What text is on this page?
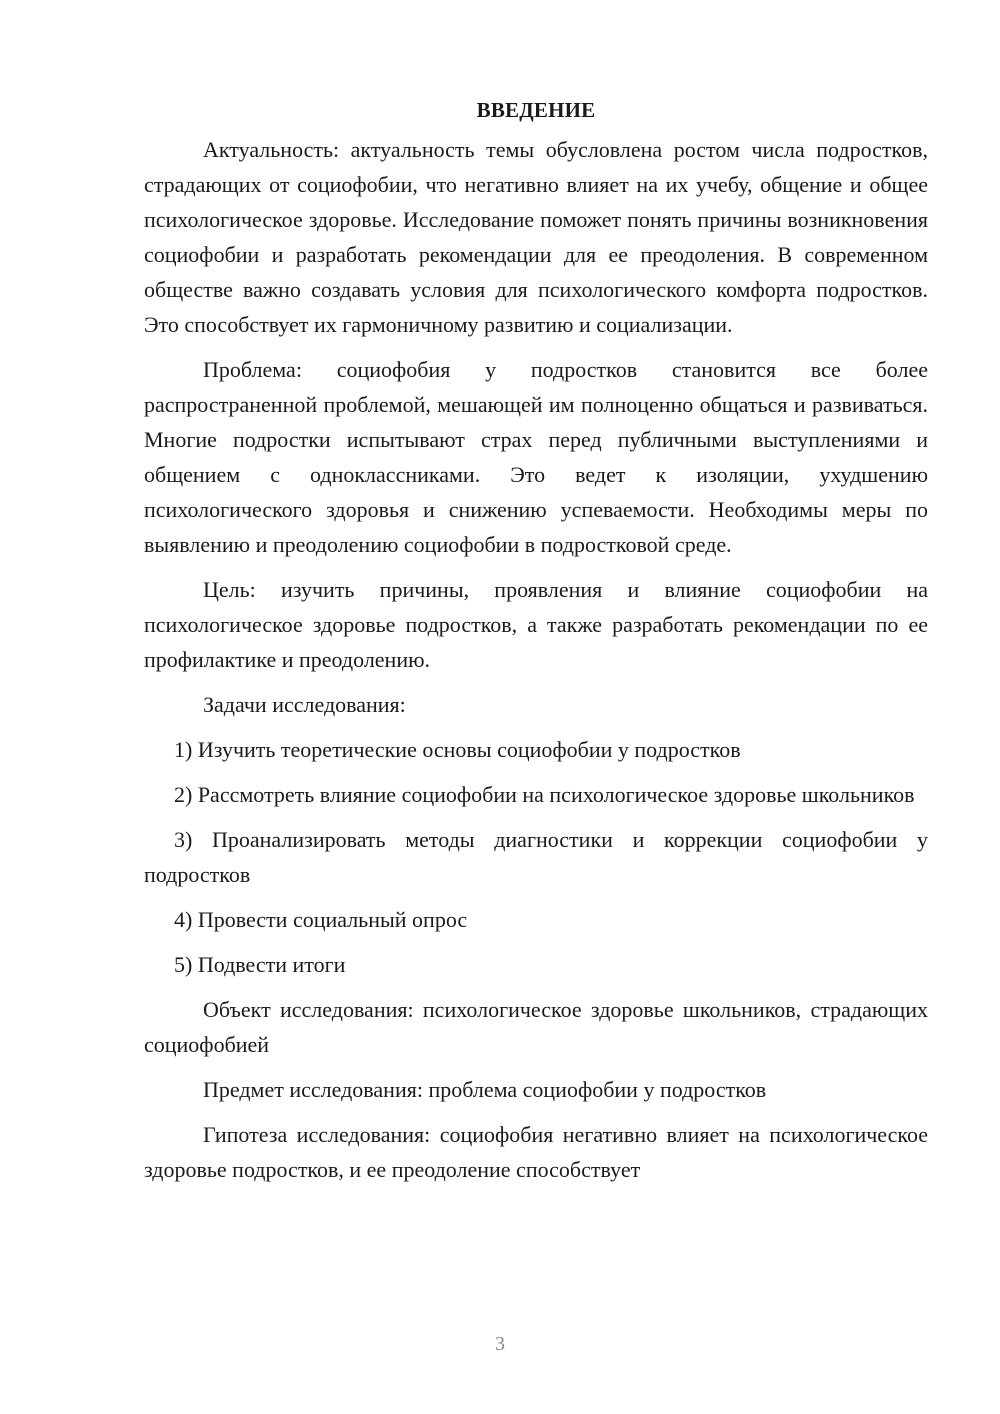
ВВЕДЕНИЕ

Актуальность: актуальность темы обусловлена ростом числа подростков, страдающих от социофобии, что негативно влияет на их учебу, общение и общее психологическое здоровье. Исследование поможет понять причины возникновения социофобии и разработать рекомендации для ее преодоления. В современном обществе важно создавать условия для психологического комфорта подростков. Это способствует их гармоничному развитию и социализации.

Проблема: социофобия у подростков становится все более распространенной проблемой, мешающей им полноценно общаться и развиваться. Многие подростки испытывают страх перед публичными выступлениями и общением с одноклассниками. Это ведет к изоляции, ухудшению психологического здоровья и снижению успеваемости. Необходимы меры по выявлению и преодолению социофобии в подростковой среде.

Цель: изучить причины, проявления и влияние социофобии на психологическое здоровье подростков, а также разработать рекомендации по ее профилактике и преодолению.

Задачи исследования:

1) Изучить теоретические основы социофобии у подростков

2) Рассмотреть влияние социофобии на психологическое здоровье школьников

3) Проанализировать методы диагностики и коррекции социофобии у подростков

4) Провести социальный опрос

5) Подвести итоги

Объект исследования: психологическое здоровье школьников, страдающих социофобией

Предмет исследования: проблема социофобии у подростков

Гипотеза исследования: социофобия негативно влияет на психологическое здоровье подростков, и ее преодоление способствует

3
